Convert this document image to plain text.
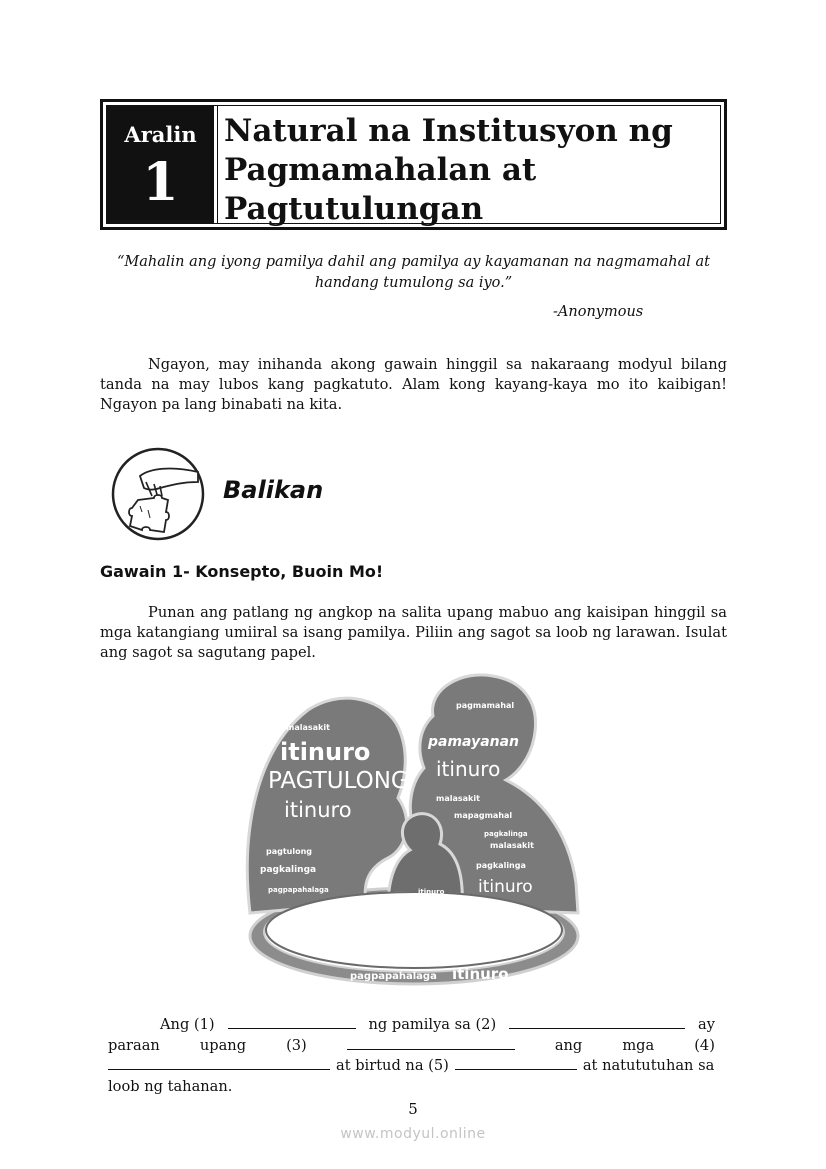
Aralin
1
Natural na Institusyon ng
Pagmamahalan at
Pagtutulungan
“Mahalin ang iyong pamilya dahil ang pamilya ay kayamanan na nagmamahal at handang tumulong sa iyo.”
-Anonymous

Ngayon, may inihanda akong gawain hinggil sa nakaraang modyul bilang tanda na may lubos kang pagkatuto. Alam kong kayang-kaya mo ito kaibigan! Ngayon pa lang binabati na kita.

Balikan
Gawain 1- Konsepto, Buoin Mo!

Punan ang patlang ng angkop na salita upang mabuo ang kaisipan hinggil sa mga katangiang umiiral sa isang pamilya. Piliin ang sagot sa loob ng larawan. Isulat ang sagot sa sagutang papel.

itinuro
PAGTULONG
itinuro
pamayanan
itinuro
malasakit
mapagmahal
pagkalinga
pagpapahalaga itinuro
malasakit
pagmamahal
itinuro
pagtulong
pagkalinga
malasakit
pagkalinga
pagpapahalaga	itinuro
Ang (1)	ng pamilya sa (2)	ay
paraan	upang	(3)	ang	mga	(4)
at birtud na (5)	at natututuhan sa
loob ng tahanan.
5
www.modyul.online
